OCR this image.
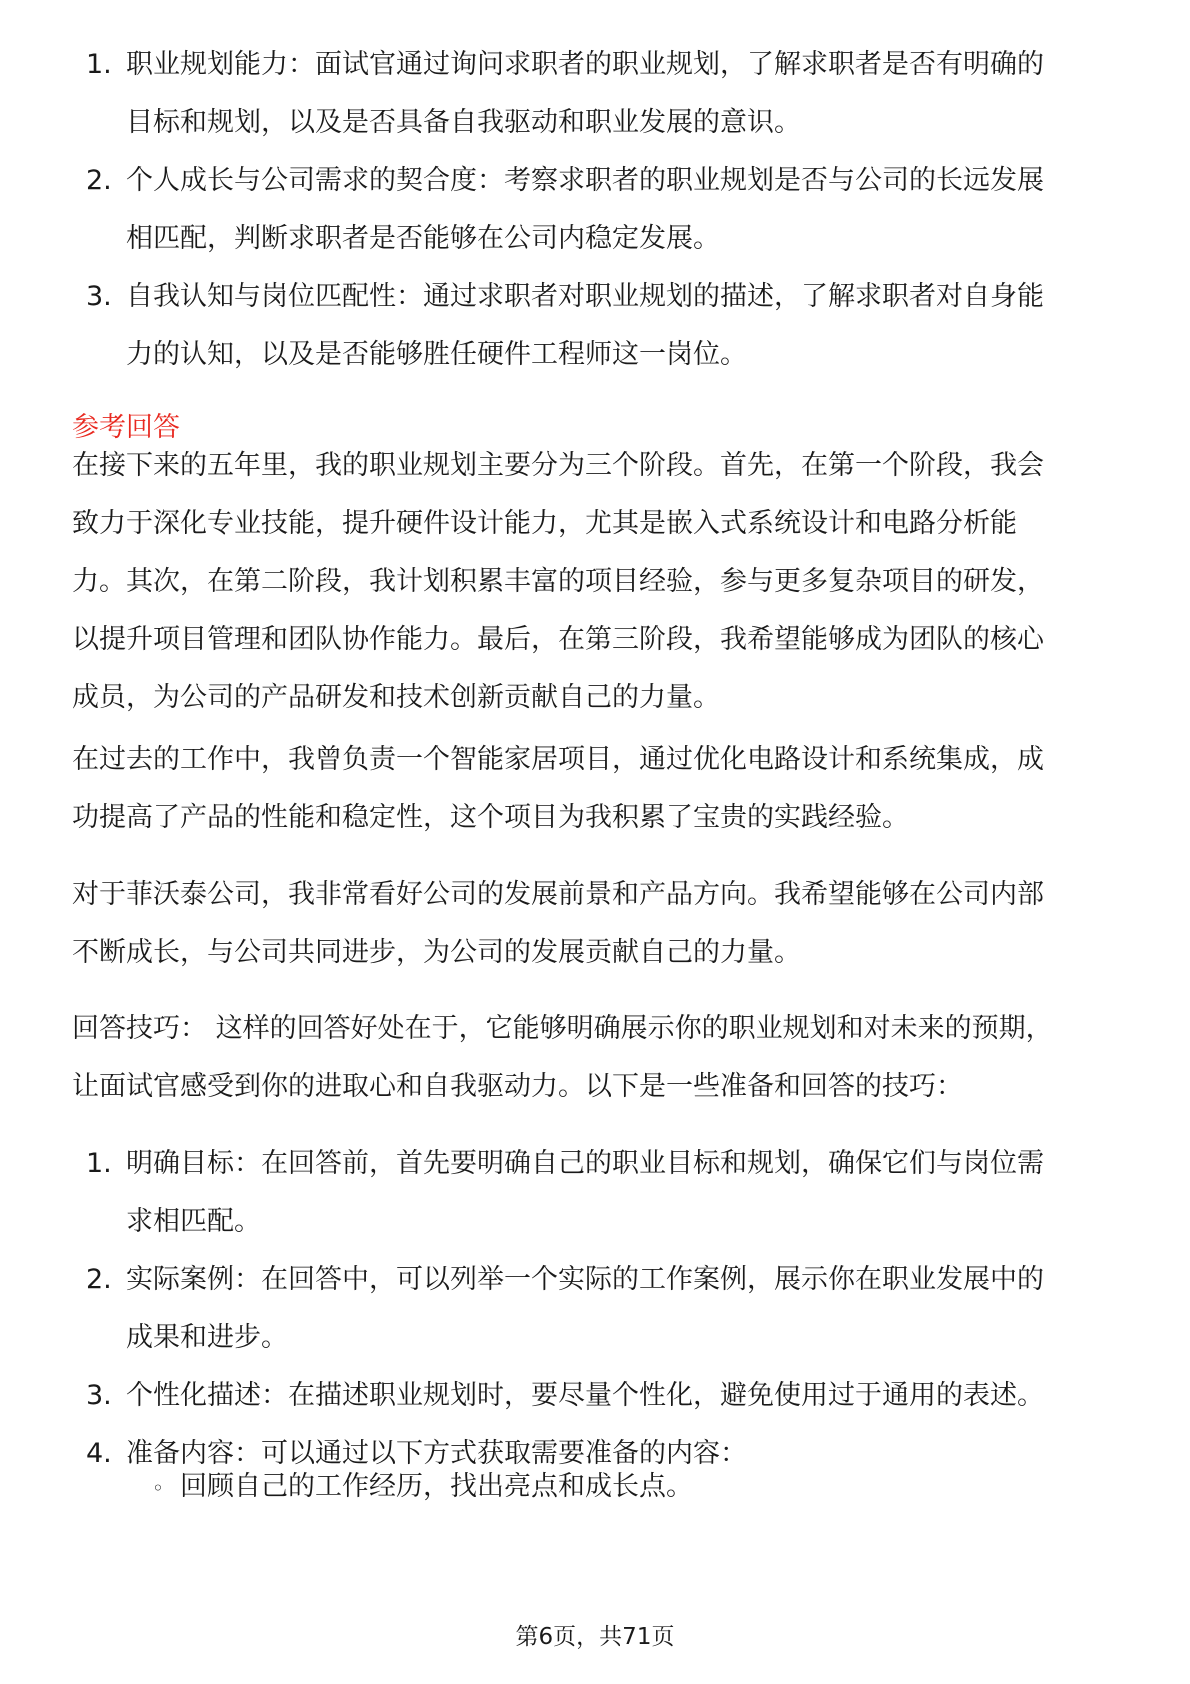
1. 职业规划能力：面试官通过询问求职者的职业规划，了解求职者是否有明确的
目标和规划，以及是否具备自我驱动和职业发展的意识。
2. 个人成长与公司需求的契合度：考察求职者的职业规划是否与公司的长远发展
相匹配，判断求职者是否能够在公司内稳定发展。
3. 自我认知与岗位匹配性：通过求职者对职业规划的描述，了解求职者对自身能
力的认知，以及是否能够胜任硬件工程师这一岗位。
参考回答
在接下来的五年里，我的职业规划主要分为三个阶段。首先，在第一个阶段，我会
致力于深化专业技能，提升硬件设计能力，尤其是嵌入式系统设计和电路分析能
力。其次，在第二阶段，我计划积累丰富的项目经验，参与更多复杂项目的研发，
以提升项目管理和团队协作能力。最后，在第三阶段，我希望能够成为团队的核心
成员，为公司的产品研发和技术创新贡献自己的力量。
在过去的工作中，我曾负责一个智能家居项目，通过优化电路设计和系统集成，成
功提高了产品的性能和稳定性，这个项目为我积累了宝贵的实践经验。
对于菲沃泰公司，我非常看好公司的发展前景和产品方向。我希望能够在公司内部
不断成长，与公司共同进步，为公司的发展贡献自己的力量。
回答技巧： 这样的回答好处在于，它能够明确展示你的职业规划和对未来的预期，
让面试官感受到你的进取心和自我驱动力。以下是一些准备和回答的技巧：
1. 明确目标：在回答前，首先要明确自己的职业目标和规划，确保它们与岗位需
求相匹配。
2. 实际案例：在回答中，可以列举一个实际的工作案例，展示你在职业发展中的
成果和进步。
3. 个性化描述：在描述职业规划时，要尽量个性化，避免使用过于通用的表述。
4. 准备内容：可以通过以下方式获取需要准备的内容：
◦ 回顾自己的工作经历，找出亮点和成长点。
第6页，共71页
